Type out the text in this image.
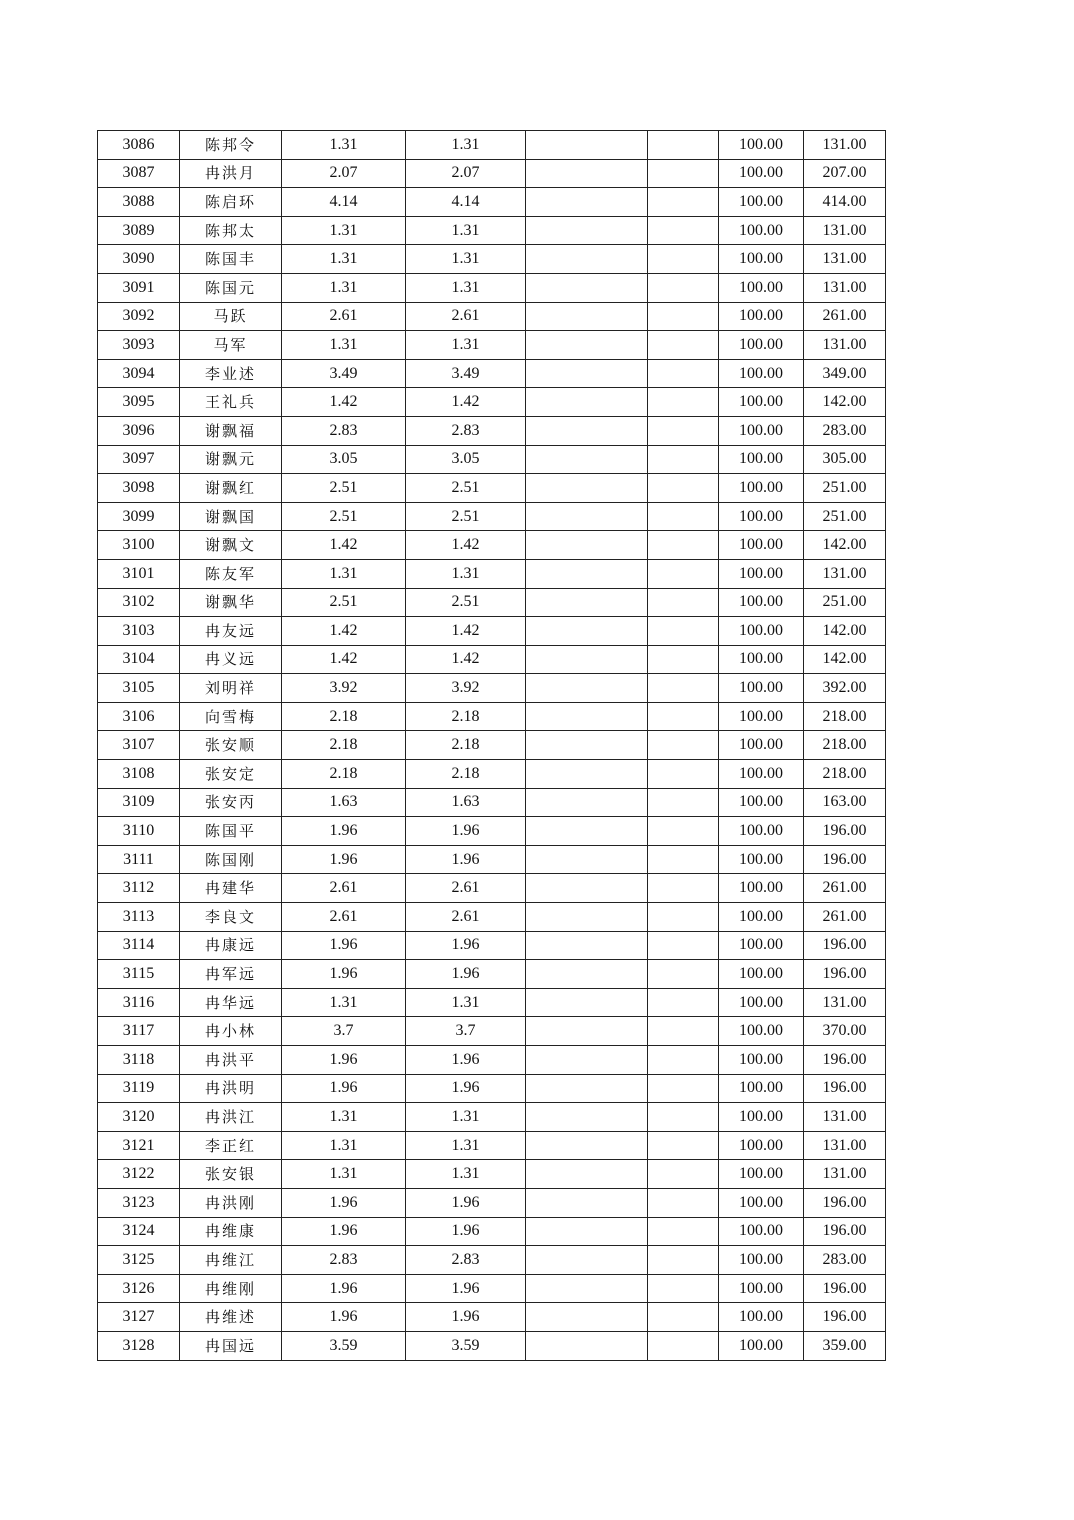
3086	陈邦令	1.31	1.31			100.00	131.00
3087	冉洪月	2.07	2.07			100.00	207.00
3088	陈启环	4.14	4.14			100.00	414.00
3089	陈邦太	1.31	1.31			100.00	131.00
3090	陈国丰	1.31	1.31			100.00	131.00
3091	陈国元	1.31	1.31			100.00	131.00
3092	马跃	2.61	2.61			100.00	261.00
3093	马军	1.31	1.31			100.00	131.00
3094	李业述	3.49	3.49			100.00	349.00
3095	王礼兵	1.42	1.42			100.00	142.00
3096	谢飘福	2.83	2.83			100.00	283.00
3097	谢飘元	3.05	3.05			100.00	305.00
3098	谢飘红	2.51	2.51			100.00	251.00
3099	谢飘国	2.51	2.51			100.00	251.00
3100	谢飘文	1.42	1.42			100.00	142.00
3101	陈友军	1.31	1.31			100.00	131.00
3102	谢飘华	2.51	2.51			100.00	251.00
3103	冉友远	1.42	1.42			100.00	142.00
3104	冉义远	1.42	1.42			100.00	142.00
3105	刘明祥	3.92	3.92			100.00	392.00
3106	向雪梅	2.18	2.18			100.00	218.00
3107	张安顺	2.18	2.18			100.00	218.00
3108	张安定	2.18	2.18			100.00	218.00
3109	张安丙	1.63	1.63			100.00	163.00
3110	陈国平	1.96	1.96			100.00	196.00
3111	陈国刚	1.96	1.96			100.00	196.00
3112	冉建华	2.61	2.61			100.00	261.00
3113	李良文	2.61	2.61			100.00	261.00
3114	冉康远	1.96	1.96			100.00	196.00
3115	冉军远	1.96	1.96			100.00	196.00
3116	冉华远	1.31	1.31			100.00	131.00
3117	冉小林	3.7	3.7			100.00	370.00
3118	冉洪平	1.96	1.96			100.00	196.00
3119	冉洪明	1.96	1.96			100.00	196.00
3120	冉洪江	1.31	1.31			100.00	131.00
3121	李正红	1.31	1.31			100.00	131.00
3122	张安银	1.31	1.31			100.00	131.00
3123	冉洪刚	1.96	1.96			100.00	196.00
3124	冉维康	1.96	1.96			100.00	196.00
3125	冉维江	2.83	2.83			100.00	283.00
3126	冉维刚	1.96	1.96			100.00	196.00
3127	冉维述	1.96	1.96			100.00	196.00
3128	冉国远	3.59	3.59			100.00	359.00
